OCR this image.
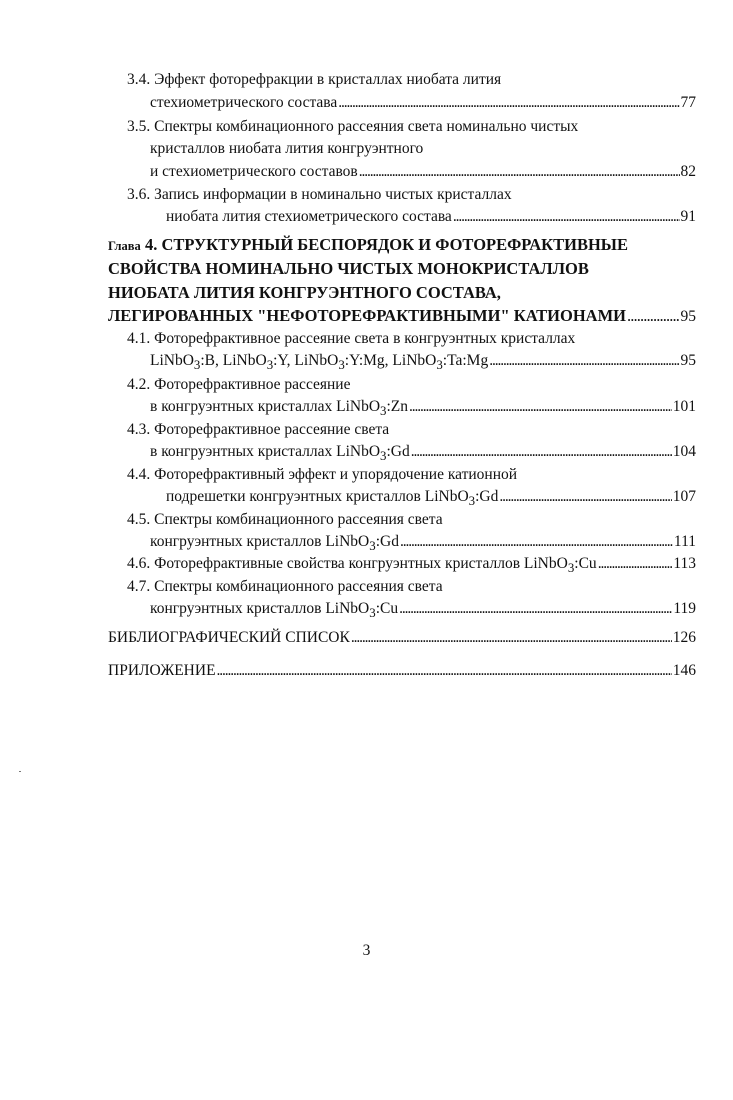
3.4. Эффект фоторефракции в кристаллах ниобата лития
стехиометрического состава . . .	77
3.5. Спектры комбинационного рассеяния света номинально чистых
кристаллов ниобата лития конгруэнтного
и стехиометрического составов . . .	82
3.6. Запись информации в номинально чистых кристаллах
ниобата лития стехиометрического состава . . .	91
Глава 4. СТРУКТУРНЫЙ БЕСПОРЯДОК И ФОТОРЕФРАКТИВНЫЕ
СВОЙСТВА НОМИНАЛЬНО ЧИСТЫХ МОНОКРИСТАЛЛОВ
НИОБАТА ЛИТИЯ КОНГРУЭНТНОГО СОСТАВА,
ЛЕГИРОВАННЫХ "НЕФОТОРЕФРАКТИВНЫМИ" КАТИОНАМИ . . .	95
4.1. Фоторефрактивное рассеяние света в конгруэнтных кристаллах
LiNbO$_3$:B, LiNbO$_3$:Y, LiNbO$_3$:Y:Mg, LiNbO$_3$:Ta:Mg . . .	95
4.2. Фоторефрактивное рассеяние
в конгруэнтных кристаллах LiNbO$_3$:Zn . . .	101
4.3. Фоторефрактивное рассеяние света
в конгруэнтных кристаллах LiNbO$_3$:Gd . . .	104
4.4. Фоторефрактивный эффект и упорядочение катионной
подрешетки конгруэнтных кристаллов LiNbO$_3$:Gd . . .	107
4.5. Спектры комбинационного рассеяния света
конгруэнтных кристаллов LiNbO$_3$:Gd . . .	111
4.6. Фоторефрактивные свойства конгруэнтных кристаллов LiNbO$_3$:Cu . . .	113
4.7. Спектры комбинационного рассеяния света
конгруэнтных кристаллов LiNbO$_3$:Cu . . .	119
БИБЛИОГРАФИЧЕСКИЙ СПИСОК . . .	126
ПРИЛОЖЕНИЕ . . .	146
3
